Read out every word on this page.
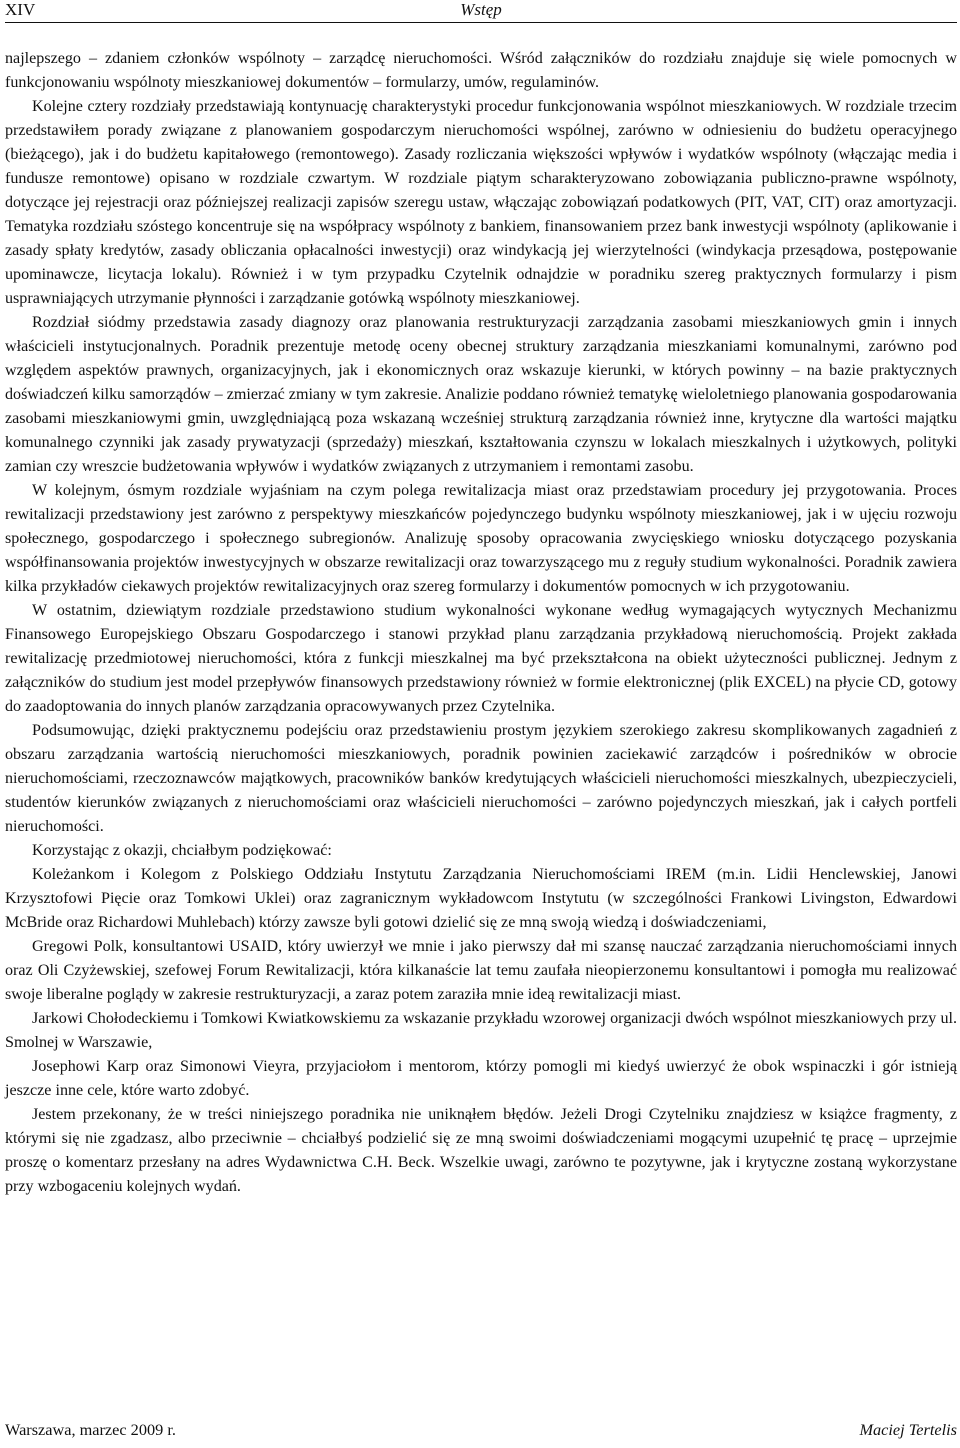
XIV	Wstęp

najlepszego – zdaniem członków wspólnoty – zarządcę nieruchomości. Wśród załączników do rozdziału znajduje się wiele pomocnych w funkcjonowaniu wspólnoty mieszkaniowej dokumentów – formularzy, umów, regulaminów.

Kolejne cztery rozdziały przedstawiają kontynuację charakterystyki procedur funkcjonowania wspólnot mieszkaniowych. W rozdziale trzecim przedstawiłem porady związane z planowaniem gospodarczym nieruchomości wspólnej, zarówno w odniesieniu do budżetu operacyjnego (bieżącego), jak i do budżetu kapitałowego (remontowego). Zasady rozliczania większości wpływów i wydatków wspólnoty (włączając media i fundusze remontowe) opisano w rozdziale czwartym. W rozdziale piątym scharakteryzowano zobowiązania publiczno-prawne wspólnoty, dotyczące jej rejestracji oraz późniejszej realizacji zapisów szeregu ustaw, włączając zobowiązań podatkowych (PIT, VAT, CIT) oraz amortyzacji. Tematyka rozdziału szóstego koncentruje się na współpracy wspólnoty z bankiem, finansowaniem przez bank inwestycji wspólnoty (aplikowanie i zasady spłaty kredytów, zasady obliczania opłacalności inwestycji) oraz windykacją jej wierzytelności (windykacja przesądowa, postępowanie upominawcze, licytacja lokalu). Również i w tym przypadku Czytelnik odnajdzie w poradniku szereg praktycznych formularzy i pism usprawniających utrzymanie płynności i zarządzanie gotówką wspólnoty mieszkaniowej.

Rozdział siódmy przedstawia zasady diagnozy oraz planowania restrukturyzacji zarządzania zasobami mieszkaniowych gmin i innych właścicieli instytucjonalnych. Poradnik prezentuje metodę oceny obecnej struktury zarządzania mieszkaniami komunalnymi, zarówno pod względem aspektów prawnych, organizacyjnych, jak i ekonomicznych oraz wskazuje kierunki, w których powinny – na bazie praktycznych doświadczeń kilku samorządów – zmierzać zmiany w tym zakresie. Analizie poddano również tematykę wieloletniego planowania gospodarowania zasobami mieszkaniowymi gmin, uwzględniającą poza wskazaną wcześniej strukturą zarządzania również inne, krytyczne dla wartości majątku komunalnego czynniki jak zasady prywatyzacji (sprzedaży) mieszkań, kształtowania czynszu w lokalach mieszkalnych i użytkowych, polityki zamian czy wreszcie budżetowania wpływów i wydatków związanych z utrzymaniem i remontami zasobu.

W kolejnym, ósmym rozdziale wyjaśniam na czym polega rewitalizacja miast oraz przedstawiam procedury jej przygotowania. Proces rewitalizacji przedstawiony jest zarówno z perspektywy mieszkańców pojedynczego budynku wspólnoty mieszkaniowej, jak i w ujęciu rozwoju społecznego, gospodarczego i społecznego subregionów. Analizuję sposoby opracowania zwycięskiego wniosku dotyczącego pozyskania współfinansowania projektów inwestycyjnych w obszarze rewitalizacji oraz towarzyszącego mu z reguły studium wykonalności. Poradnik zawiera kilka przykładów ciekawych projektów rewitalizacyjnych oraz szereg formularzy i dokumentów pomocnych w ich przygotowaniu.

W ostatnim, dziewiątym rozdziale przedstawiono studium wykonalności wykonane według wymagających wytycznych Mechanizmu Finansowego Europejskiego Obszaru Gospodarczego i stanowi przykład planu zarządzania przykładową nieruchomością. Projekt zakłada rewitalizację przedmiotowej nieruchomości, która z funkcji mieszkalnej ma być przekształcona na obiekt użyteczności publicznej. Jednym z załączników do studium jest model przepływów finansowych przedstawiony również w formie elektronicznej (plik EXCEL) na płycie CD, gotowy do zaadoptowania do innych planów zarządzania opracowywanych przez Czytelnika.

Podsumowując, dzięki praktycznemu podejściu oraz przedstawieniu prostym językiem szerokiego zakresu skomplikowanych zagadnień z obszaru zarządzania wartością nieruchomości mieszkaniowych, poradnik powinien zaciekawić zarządców i pośredników w obrocie nieruchomościami, rzeczoznawców majątkowych, pracowników banków kredytujących właścicieli nieruchomości mieszkalnych, ubezpieczycieli, studentów kierunków związanych z nieruchomościami oraz właścicieli nieruchomości – zarówno pojedynczych mieszkań, jak i całych portfeli nieruchomości.

Korzystając z okazji, chciałbym podziękować:

Koleżankom i Kolegom z Polskiego Oddziału Instytutu Zarządzania Nieruchomościami IREM (m.in. Lidii Henclewskiej, Janowi Krzysztofowi Pięcie oraz Tomkowi Uklei) oraz zagranicznym wykładowcom Instytutu (w szczególności Frankowi Livingston, Edwardowi McBride oraz Richardowi Muhlebach) którzy zawsze byli gotowi dzielić się ze mną swoją wiedzą i doświadczeniami,

Gregowi Polk, konsultantowi USAID, który uwierzył we mnie i jako pierwszy dał mi szansę nauczać zarządzania nieruchomościami innych oraz Oli Czyżewskiej, szefowej Forum Rewitalizacji, która kilkanaście lat temu zaufała nieopierzonemu konsultantowi i pomogła mu realizować swoje liberalne poglądy w zakresie restrukturyzacji, a zaraz potem zaraziła mnie ideą rewitalizacji miast.

Jarkowi Chołodeckiemu i Tomkowi Kwiatkowskiemu za wskazanie przykładu wzorowej organizacji dwóch wspólnot mieszkaniowych przy ul. Smolnej w Warszawie,

Josephowi Karp oraz Simonowi Vieyra, przyjaciołom i mentorom, którzy pomogli mi kiedyś uwierzyć że obok wspinaczki i gór istnieją jeszcze inne cele, które warto zdobyć.

Jestem przekonany, że w treści niniejszego poradnika nie uniknąłem błędów. Jeżeli Drogi Czytelniku znajdziesz w książce fragmenty, z którymi się nie zgadzasz, albo przeciwnie – chciałbyś podzielić się ze mną swoimi doświadczeniami mogącymi uzupełnić tę pracę – uprzejmie proszę o komentarz przesłany na adres Wydawnictwa C.H. Beck. Wszelkie uwagi, zarówno te pozytywne, jak i krytyczne zostaną wykorzystane przy wzbogaceniu kolejnych wydań.

Warszawa, marzec 2009 r.	Maciej Tertelis
